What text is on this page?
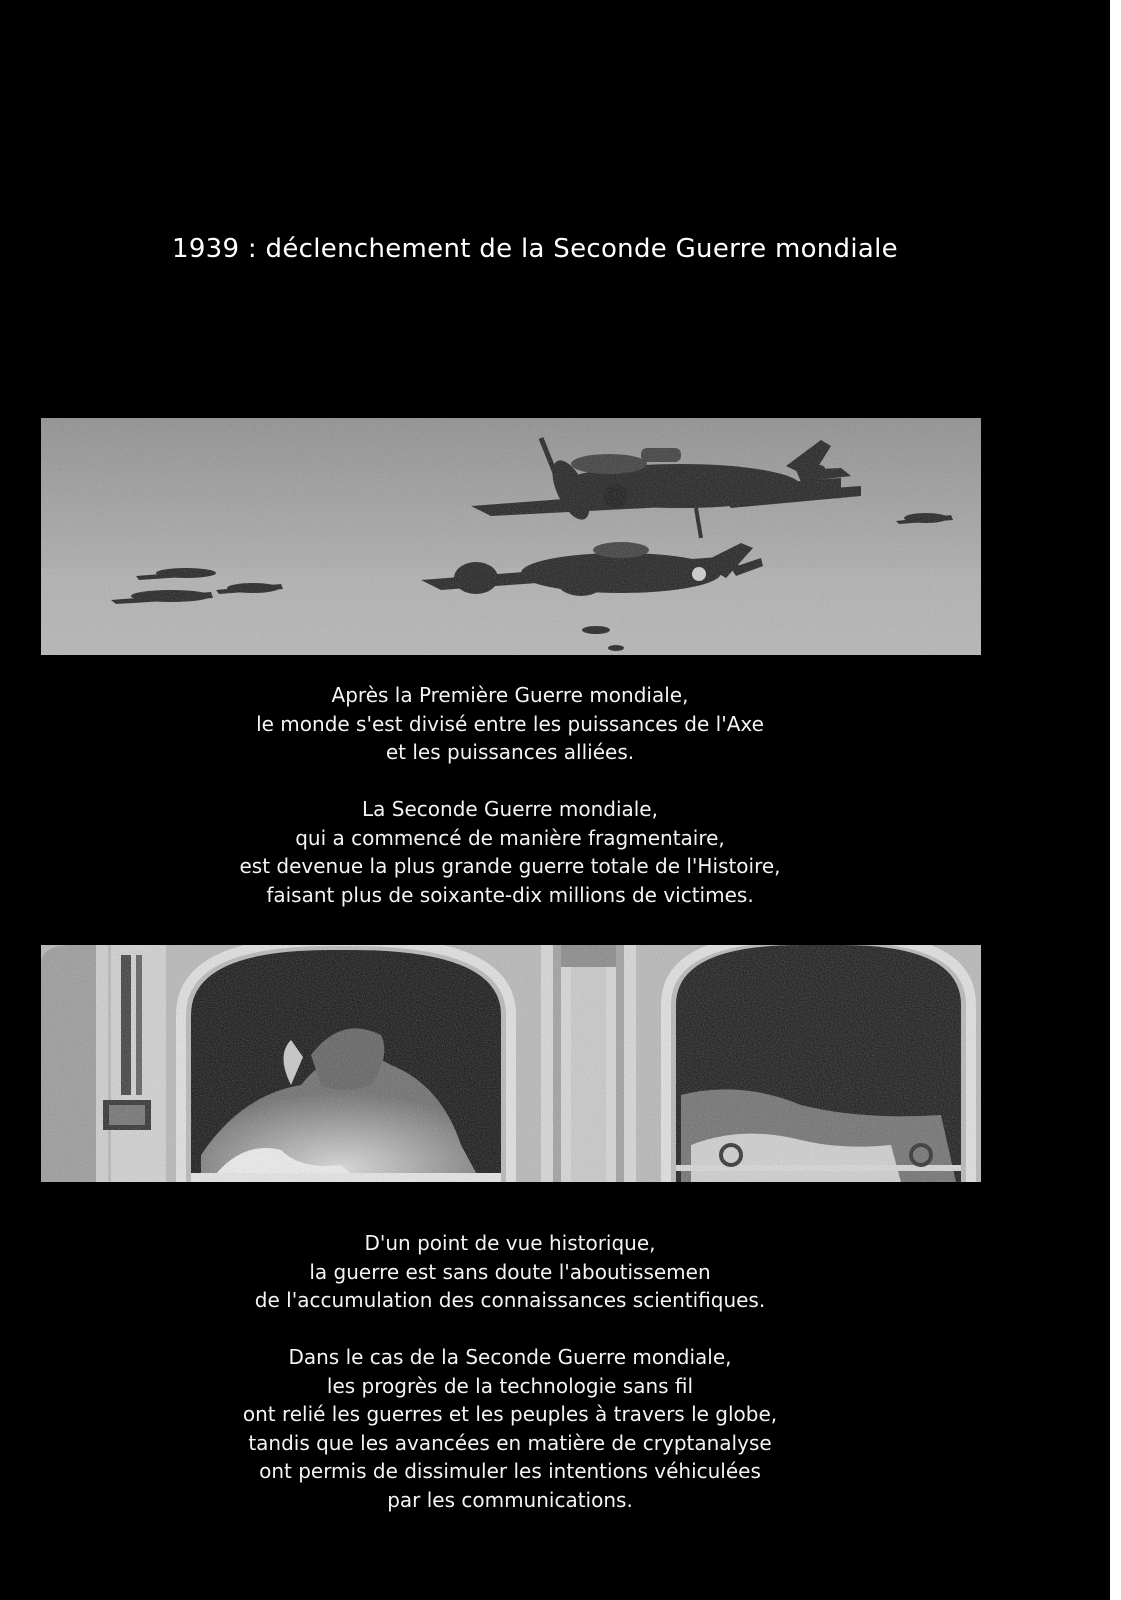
1939 : déclenchement de la Seconde Guerre mondiale

Après la Première Guerre mondiale,
le monde s'est divisé entre les puissances de l'Axe
et les puissances alliées.

La Seconde Guerre mondiale,
qui a commencé de manière fragmentaire,
est devenue la plus grande guerre totale de l'Histoire,
faisant plus de soixante-dix millions de victimes.

D'un point de vue historique,
la guerre est sans doute l'aboutissemen
de l'accumulation des connaissances scientifiques.

Dans le cas de la Seconde Guerre mondiale,
les progrès de la technologie sans fil
ont relié les guerres et les peuples à travers le globe,
tandis que les avancées en matière de cryptanalyse
ont permis de dissimuler les intentions véhiculées
par les communications.
